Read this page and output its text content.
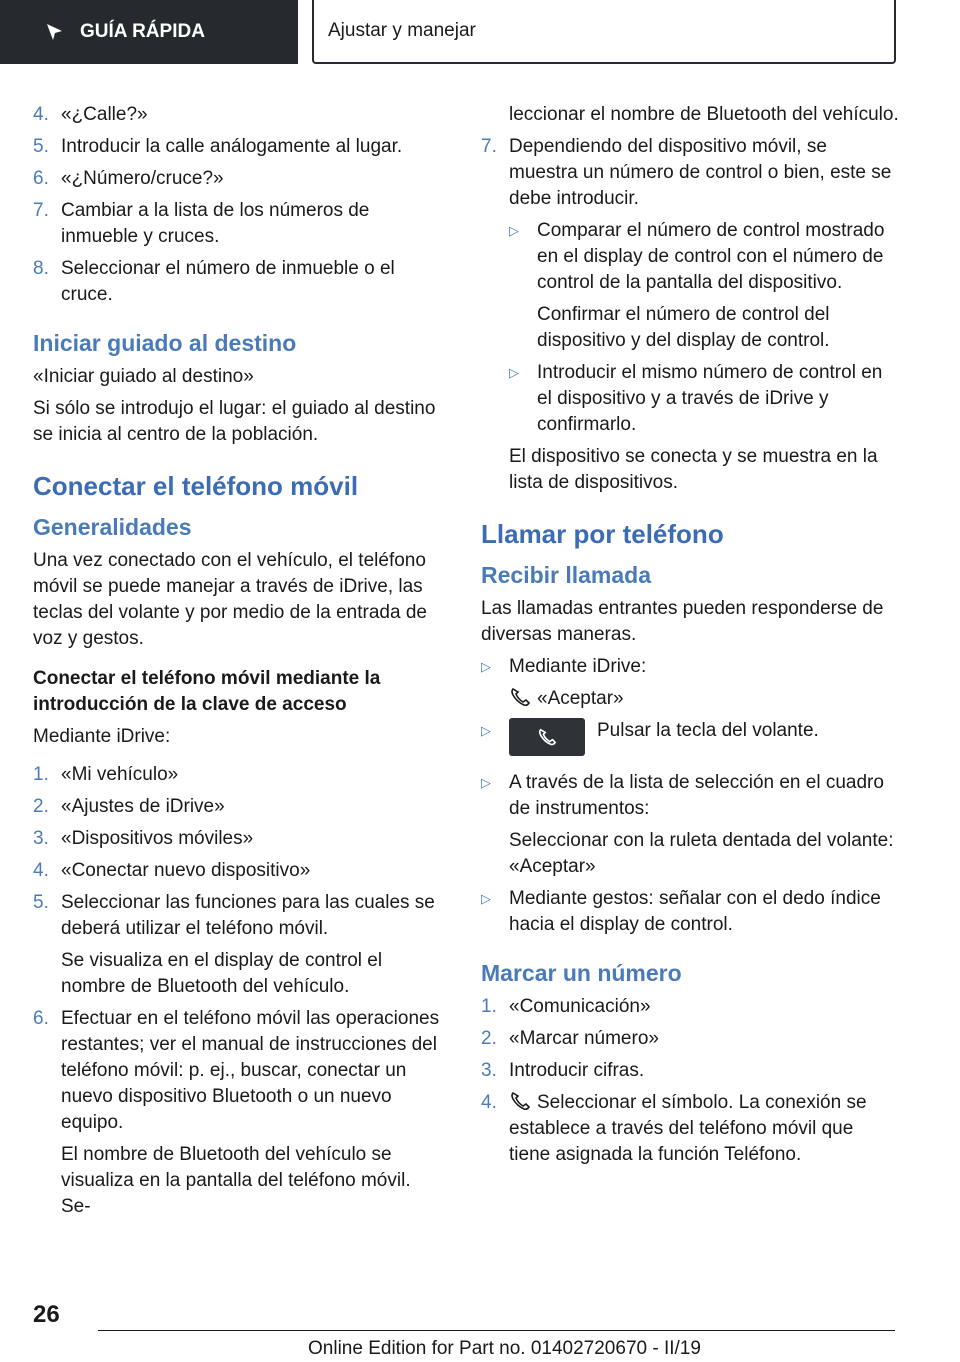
GUÍA RÁPIDA	Ajustar y manejar
4. «¿Calle?»
5. Introducir la calle análogamente al lugar.
6. «¿Número/cruce?»
7. Cambiar a la lista de los números de inmueble y cruces.
8. Seleccionar el número de inmueble o el cruce.
Iniciar guiado al destino

«Iniciar guiado al destino»

Si sólo se introdujo el lugar: el guiado al destino se inicia al centro de la población.

Conectar el teléfono móvil
Generalidades

Una vez conectado con el vehículo, el teléfono móvil se puede manejar a través de iDrive, las teclas del volante y por medio de la entrada de voz y gestos.

Conectar el teléfono móvil mediante la introducción de la clave de acceso

Mediante iDrive:

1. «Mi vehículo»
2. «Ajustes de iDrive»
3. «Dispositivos móviles»
4. «Conectar nuevo dispositivo»
5. Seleccionar las funciones para las cuales se deberá utilizar el teléfono móvil.
Se visualiza en el display de control el nombre de Bluetooth del vehículo.
6. Efectuar en el teléfono móvil las operaciones restantes; ver el manual de instrucciones del teléfono móvil: p. ej., buscar, conectar un nuevo dispositivo Bluetooth o un nuevo equipo.
El nombre de Bluetooth del vehículo se visualiza en la pantalla del teléfono móvil. Se-
leccionar el nombre de Bluetooth del vehículo.
7. Dependiendo del dispositivo móvil, se muestra un número de control o bien, este se debe introducir.
▷ Comparar el número de control mostrado en el display de control con el número de control de la pantalla del dispositivo.
Confirmar el número de control del dispositivo y del display de control.
▷ Introducir el mismo número de control en el dispositivo y a través de iDrive y confirmarlo.
El dispositivo se conecta y se muestra en la lista de dispositivos.
Llamar por teléfono
Recibir llamada

Las llamadas entrantes pueden responderse de diversas maneras.

▷ Mediante iDrive:
«Aceptar»
▷	Pulsar la tecla del volante.
▷ A través de la lista de selección en el cuadro de instrumentos:
Seleccionar con la ruleta dentada del volante: «Aceptar»
▷ Mediante gestos: señalar con el dedo índice hacia el display de control.
Marcar un número
1. «Comunicación»
2. «Marcar número»
3. Introducir cifras.
4.	Seleccionar el símbolo. La conexión se establece a través del teléfono móvil que tiene asignada la función Teléfono.
26
Online Edition for Part no. 01402720670 - II/19
